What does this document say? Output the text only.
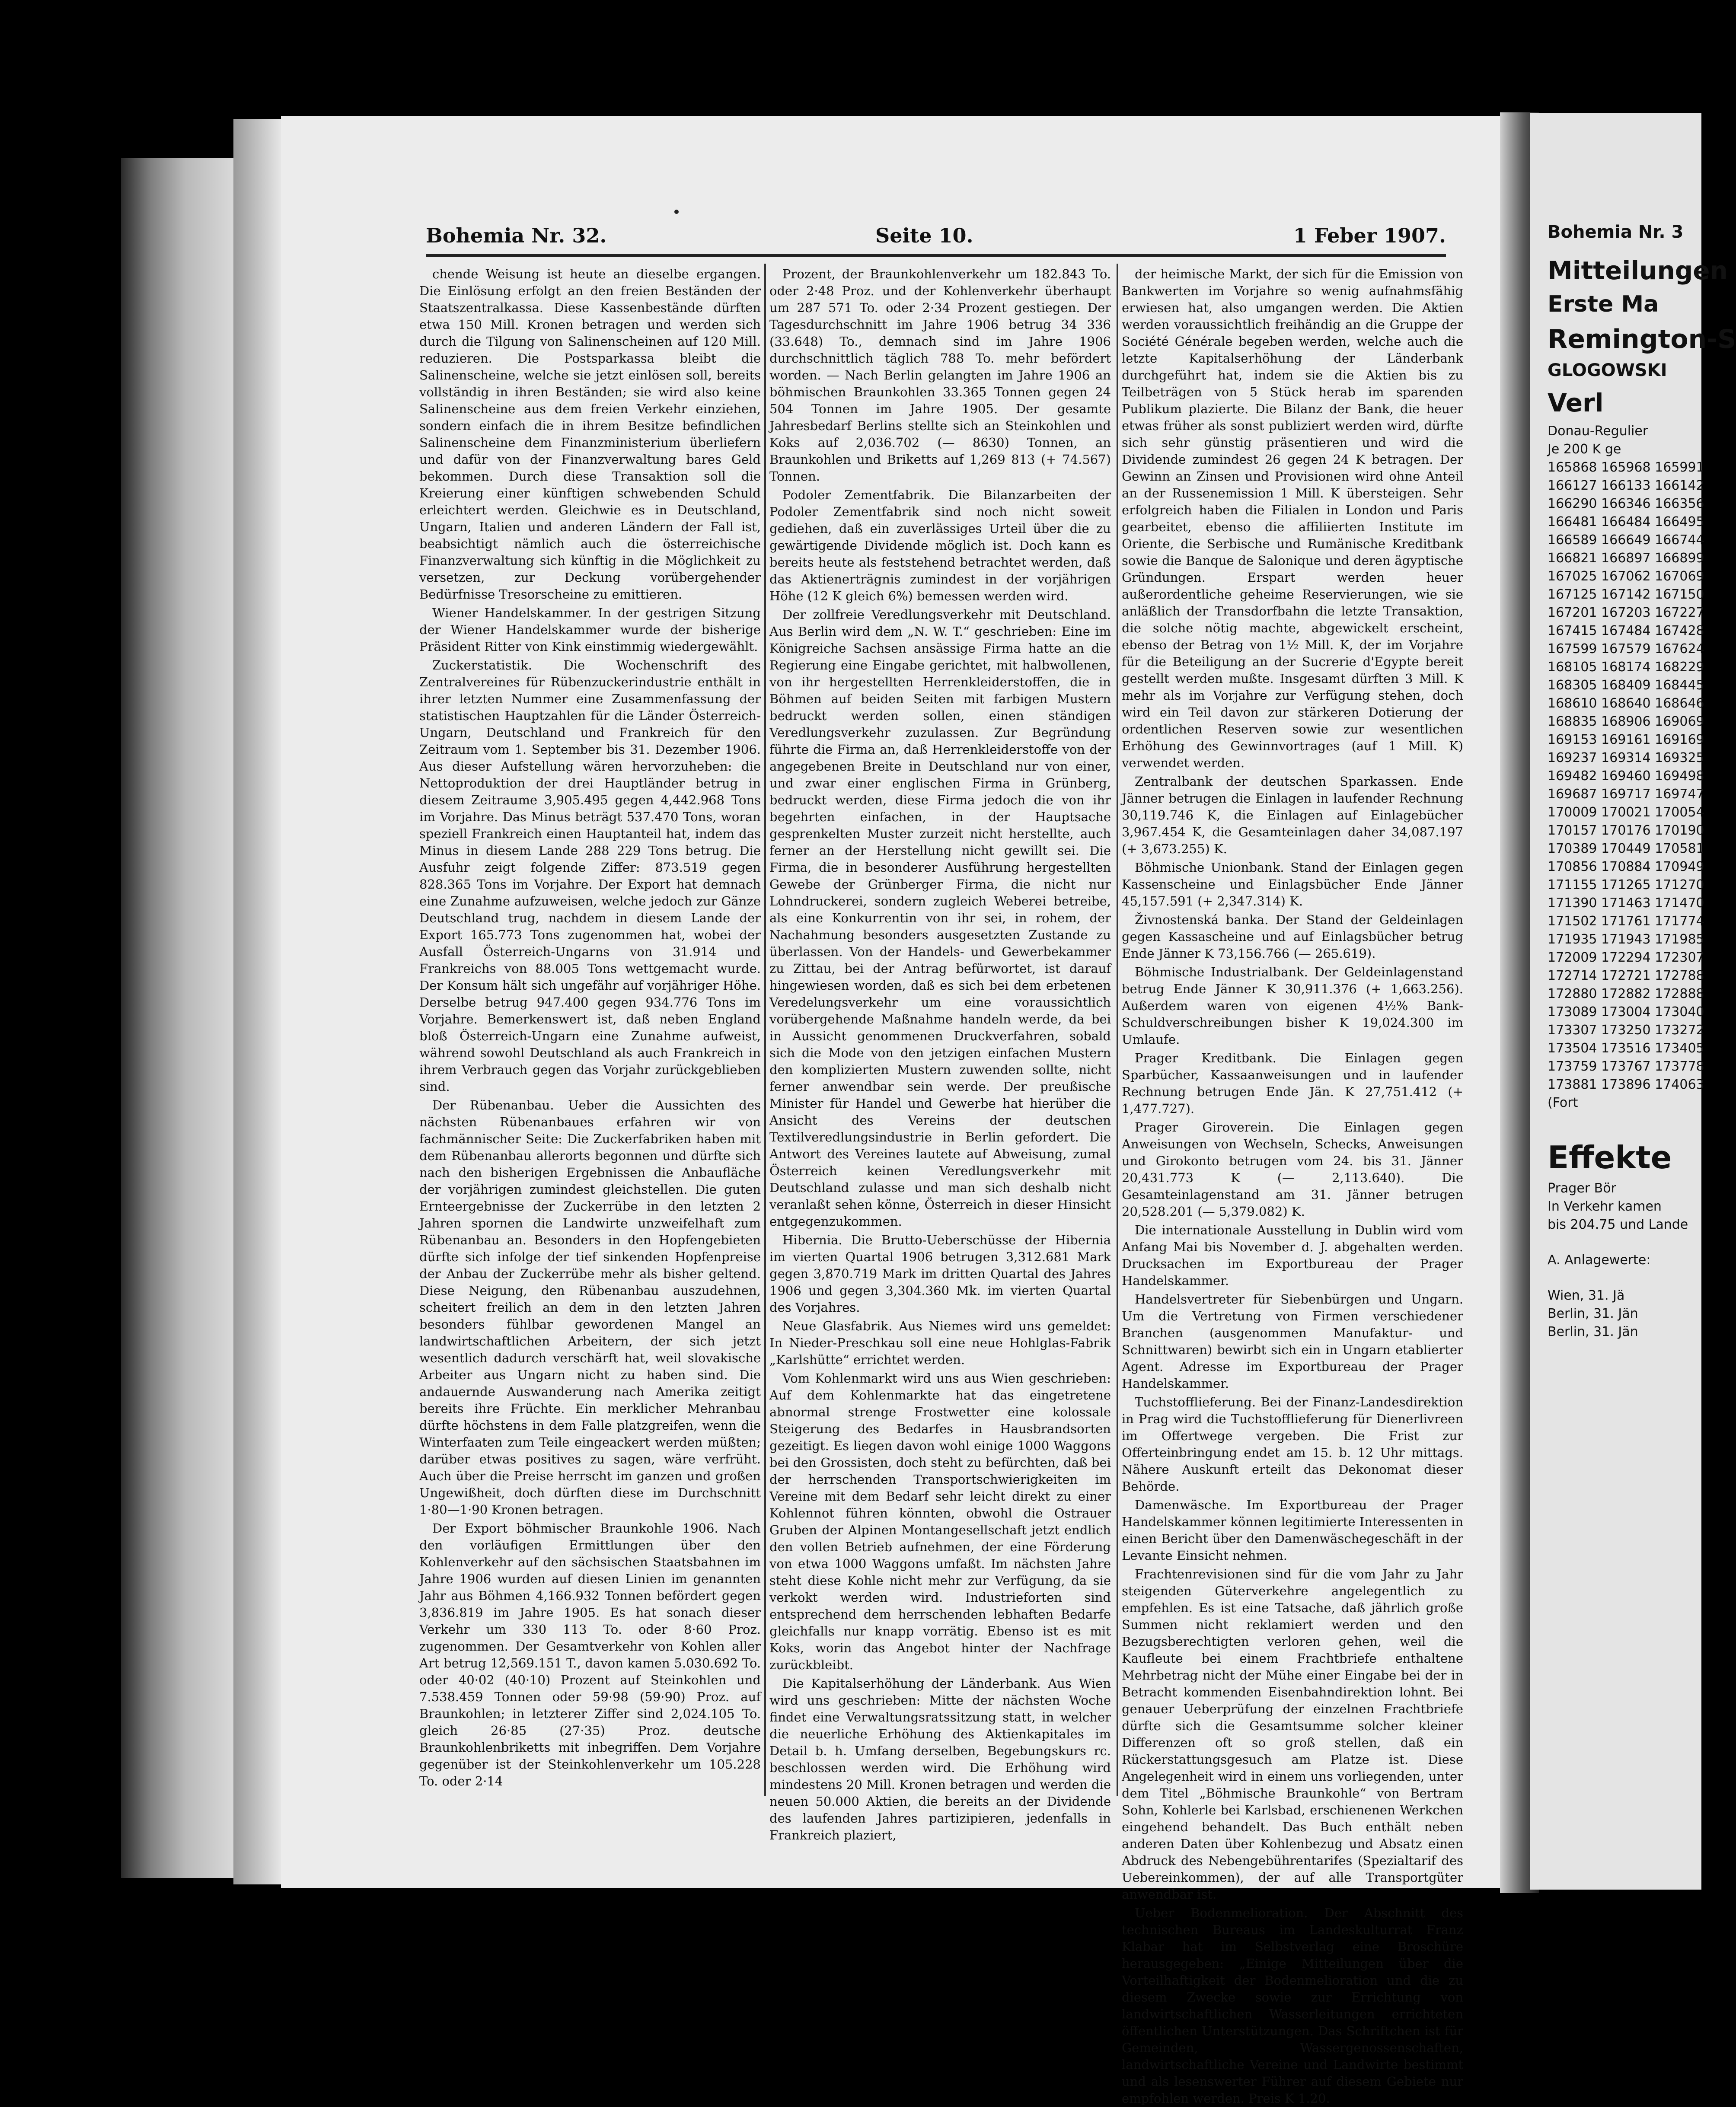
Bohemia Nr. 32.	Seite 10.	1 Feber 1907.

chende Weisung ist heute an dieselbe ergangen. Die Einlösung erfolgt an den freien Beständen der Staatszentralkassa. Diese Kassenbestände dürften etwa 150 Mill. Kronen betragen und werden sich durch die Tilgung von Salinenscheinen auf 120 Mill. reduzieren. Die Postsparkassa bleibt die Salinenscheine, welche sie jetzt einlösen soll, bereits vollständig in ihren Beständen; sie wird also keine Salinenscheine aus dem freien Verkehr einziehen, sondern einfach die in ihrem Besitze befindlichen Salinenscheine dem Finanzministerium überliefern und dafür von der Finanzverwaltung bares Geld bekommen. Durch diese Transaktion soll die Kreierung einer künftigen schwebenden Schuld erleichtert werden. Gleichwie es in Deutschland, Ungarn, Italien und anderen Ländern der Fall ist, beabsichtigt nämlich auch die österreichische Finanzverwaltung sich künftig in die Möglichkeit zu versetzen, zur Deckung vorübergehender Bedürfnisse Tresorscheine zu emittieren.

Wiener Handelskammer. In der gestrigen Sitzung der Wiener Handelskammer wurde der bisherige Präsident Ritter von Kink einstimmig wiedergewählt.

Zuckerstatistik. Die Wochenschrift des Zentralvereines für Rübenzuckerindustrie enthält in ihrer letzten Nummer eine Zusammenfassung der statistischen Hauptzahlen für die Länder Österreich-Ungarn, Deutschland und Frankreich für den Zeitraum vom 1. September bis 31. Dezember 1906. Aus dieser Aufstellung wären hervorzuheben: die Nettoproduktion der drei Hauptländer betrug in diesem Zeitraume 3,905.495 gegen 4,442.968 Tons im Vorjahre. Das Minus beträgt 537.470 Tons, woran speziell Frankreich einen Hauptanteil hat, indem das Minus in diesem Lande 288 229 Tons betrug. Die Ausfuhr zeigt folgende Ziffer: 873.519 gegen 828.365 Tons im Vorjahre. Der Export hat demnach eine Zunahme aufzuweisen, welche jedoch zur Gänze Deutschland trug, nachdem in diesem Lande der Export 165.773 Tons zugenommen hat, wobei der Ausfall Österreich-Ungarns von 31.914 und Frankreichs von 88.005 Tons wettgemacht wurde. Der Konsum hält sich ungefähr auf vorjähriger Höhe. Derselbe betrug 947.400 gegen 934.776 Tons im Vorjahre. Bemerkenswert ist, daß neben England bloß Österreich-Ungarn eine Zunahme aufweist, während sowohl Deutschland als auch Frankreich in ihrem Verbrauch gegen das Vorjahr zurückgeblieben sind.

Der Rübenanbau. Ueber die Aussichten des nächsten Rübenanbaues erfahren wir von fachmännischer Seite: Die Zuckerfabriken haben mit dem Rübenanbau allerorts begonnen und dürfte sich nach den bisherigen Ergebnissen die Anbaufläche der vorjährigen zumindest gleichstellen. Die guten Ernteergebnisse der Zuckerrübe in den letzten 2 Jahren spornen die Landwirte unzweifelhaft zum Rübenanbau an. Besonders in den Hopfengebieten dürfte sich infolge der tief sinkenden Hopfenpreise der Anbau der Zuckerrübe mehr als bisher geltend. Diese Neigung, den Rübenanbau auszudehnen, scheitert freilich an dem in den letzten Jahren besonders fühlbar gewordenen Mangel an landwirtschaftlichen Arbeitern, der sich jetzt wesentlich dadurch verschärft hat, weil slovakische Arbeiter aus Ungarn nicht zu haben sind. Die andauernde Auswanderung nach Amerika zeitigt bereits ihre Früchte. Ein merklicher Mehranbau dürfte höchstens in dem Falle platzgreifen, wenn die Winterfaaten zum Teile eingeackert werden müßten; darüber etwas positives zu sagen, wäre verfrüht. Auch über die Preise herrscht im ganzen und großen Ungewißheit, doch dürften diese im Durchschnitt 1·80—1·90 Kronen betragen.

Der Export böhmischer Braunkohle 1906. Nach den vorläufigen Ermittlungen über den Kohlenverkehr auf den sächsischen Staatsbahnen im Jahre 1906 wurden auf diesen Linien im genannten Jahr aus Böhmen 4,166.932 Tonnen befördert gegen 3,836.819 im Jahre 1905. Es hat sonach dieser Verkehr um 330 113 To. oder 8·60 Proz. zugenommen. Der Gesamtverkehr von Kohlen aller Art betrug 12,569.151 T., davon kamen 5.030.692 To. oder 40·02 (40·10) Prozent auf Steinkohlen und 7.538.459 Tonnen oder 59·98 (59·90) Proz. auf Braunkohlen; in letzterer Ziffer sind 2,024.105 To. gleich 26·85 (27·35) Proz. deutsche Braunkohlenbriketts mit inbegriffen. Dem Vorjahre gegenüber ist der Steinkohlenverkehr um 105.228 To. oder 2·14

Prozent, der Braunkohlenverkehr um 182.843 To. oder 2·48 Proz. und der Kohlenverkehr überhaupt um 287 571 To. oder 2·34 Prozent gestiegen. Der Tagesdurchschnitt im Jahre 1906 betrug 34 336 (33.648) To., demnach sind im Jahre 1906 durchschnittlich täglich 788 To. mehr befördert worden. — Nach Berlin gelangten im Jahre 1906 an böhmischen Braunkohlen 33.365 Tonnen gegen 24 504 Tonnen im Jahre 1905. Der gesamte Jahresbedarf Berlins stellte sich an Steinkohlen und Koks auf 2,036.702 (— 8630) Tonnen, an Braunkohlen und Briketts auf 1,269 813 (+ 74.567) Tonnen.

Podoler Zementfabrik. Die Bilanzarbeiten der Podoler Zementfabrik sind noch nicht soweit gediehen, daß ein zuverlässiges Urteil über die zu gewärtigende Dividende möglich ist. Doch kann es bereits heute als feststehend betrachtet werden, daß das Aktienerträgnis zumindest in der vorjährigen Höhe (12 K gleich 6%) bemessen werden wird.

Der zollfreie Veredlungsverkehr mit Deutschland. Aus Berlin wird dem „N. W. T.“ geschrieben: Eine im Königreiche Sachsen ansässige Firma hatte an die Regierung eine Eingabe gerichtet, mit halbwollenen, von ihr hergestellten Herrenkleiderstoffen, die in Böhmen auf beiden Seiten mit farbigen Mustern bedruckt werden sollen, einen ständigen Veredlungsverkehr zuzulassen. Zur Begründung führte die Firma an, daß Herrenkleiderstoffe von der angegebenen Breite in Deutschland nur von einer, und zwar einer englischen Firma in Grünberg, bedruckt werden, diese Firma jedoch die von ihr begehrten einfachen, in der Hauptsache gesprenkelten Muster zurzeit nicht herstellte, auch ferner an der Herstellung nicht gewillt sei. Die Firma, die in besonderer Ausführung hergestellten Gewebe der Grünberger Firma, die nicht nur Lohndruckerei, sondern zugleich Weberei betreibe, als eine Konkurrentin von ihr sei, in rohem, der Nachahmung besonders ausgesetzten Zustande zu überlassen. Von der Handels- und Gewerbekammer zu Zittau, bei der Antrag befürwortet, ist darauf hingewiesen worden, daß es sich bei dem erbetenen Veredelungsverkehr um eine voraussichtlich vorübergehende Maßnahme handeln werde, da bei in Aussicht genommenen Druckverfahren, sobald sich die Mode von den jetzigen einfachen Mustern den komplizierten Mustern zuwenden sollte, nicht ferner anwendbar sein werde. Der preußische Minister für Handel und Gewerbe hat hierüber die Ansicht des Vereins der deutschen Textilveredlungsindustrie in Berlin gefordert. Die Antwort des Vereines lautete auf Abweisung, zumal Österreich keinen Veredlungsverkehr mit Deutschland zulasse und man sich deshalb nicht veranlaßt sehen könne, Österreich in dieser Hinsicht entgegenzukommen.

Hibernia. Die Brutto-Ueberschüsse der Hibernia im vierten Quartal 1906 betrugen 3,312.681 Mark gegen 3,870.719 Mark im dritten Quartal des Jahres 1906 und gegen 3,304.360 Mk. im vierten Quartal des Vorjahres.

Neue Glasfabrik. Aus Niemes wird uns gemeldet: In Nieder-Preschkau soll eine neue Hohlglas-Fabrik „Karlshütte“ errichtet werden.

Vom Kohlenmarkt wird uns aus Wien geschrieben: Auf dem Kohlenmarkte hat das eingetretene abnormal strenge Frostwetter eine kolossale Steigerung des Bedarfes in Hausbrandsorten gezeitigt. Es liegen davon wohl einige 1000 Waggons bei den Grossisten, doch steht zu befürchten, daß bei der herrschenden Transportschwierigkeiten im Vereine mit dem Bedarf sehr leicht direkt zu einer Kohlennot führen könnten, obwohl die Ostrauer Gruben der Alpinen Montangesellschaft jetzt endlich den vollen Betrieb aufnehmen, der eine Förderung von etwa 1000 Waggons umfaßt. Im nächsten Jahre steht diese Kohle nicht mehr zur Verfügung, da sie verkokt werden wird. Industrieforten sind entsprechend dem herrschenden lebhaften Bedarfe gleichfalls nur knapp vorrätig. Ebenso ist es mit Koks, worin das Angebot hinter der Nachfrage zurückbleibt.

Die Kapitalserhöhung der Länderbank. Aus Wien wird uns geschrieben: Mitte der nächsten Woche findet eine Verwaltungsratssitzung statt, in welcher die neuerliche Erhöhung des Aktienkapitales im Detail b. h. Umfang derselben, Begebungskurs rc. beschlossen werden wird. Die Erhöhung wird mindestens 20 Mill. Kronen betragen und werden die neuen 50.000 Aktien, die bereits an der Dividende des laufenden Jahres partizipieren, jedenfalls in Frankreich plaziert,

der heimische Markt, der sich für die Emission von Bankwerten im Vorjahre so wenig aufnahmsfähig erwiesen hat, also umgangen werden. Die Aktien werden voraussichtlich freihändig an die Gruppe der Société Générale begeben werden, welche auch die letzte Kapitalserhöhung der Länderbank durchgeführt hat, indem sie die Aktien bis zu Teilbeträgen von 5 Stück herab im sparenden Publikum plazierte. Die Bilanz der Bank, die heuer etwas früher als sonst publiziert werden wird, dürfte sich sehr günstig präsentieren und wird die Dividende zumindest 26 gegen 24 K betragen. Der Gewinn an Zinsen und Provisionen wird ohne Anteil an der Russenemission 1 Mill. K übersteigen. Sehr erfolgreich haben die Filialen in London und Paris gearbeitet, ebenso die affiliierten Institute im Oriente, die Serbische und Rumänische Kreditbank sowie die Banque de Salonique und deren ägyptische Gründungen. Erspart werden heuer außerordentliche geheime Reservierungen, wie sie anläßlich der Transdorfbahn die letzte Transaktion, die solche nötig machte, abgewickelt erscheint, ebenso der Betrag von 1½ Mill. K, der im Vorjahre für die Beteiligung an der Sucrerie d'Egypte bereit gestellt werden mußte. Insgesamt dürften 3 Mill. K mehr als im Vorjahre zur Verfügung stehen, doch wird ein Teil davon zur stärkeren Dotierung der ordentlichen Reserven sowie zur wesentlichen Erhöhung des Gewinnvortrages (auf 1 Mill. K) verwendet werden.

Zentralbank der deutschen Sparkassen. Ende Jänner betrugen die Einlagen in laufender Rechnung 30,119.746 K, die Einlagen auf Einlagebücher 3,967.454 K, die Gesamteinlagen daher 34,087.197 (+ 3,673.255) K.

Böhmische Unionbank. Stand der Einlagen gegen Kassenscheine und Einlagsbücher Ende Jänner 45,157.591 (+ 2,347.314) K.

Živnostenská banka. Der Stand der Geldeinlagen gegen Kassascheine und auf Einlagsbücher betrug Ende Jänner K 73,156.766 (— 265.619).

Böhmische Industrialbank. Der Geldeinlagenstand betrug Ende Jänner K 30,911.376 (+ 1,663.256). Außerdem waren von eigenen 4½% Bank-Schuldverschreibungen bisher K 19,024.300 im Umlaufe.

Prager Kreditbank. Die Einlagen gegen Sparbücher, Kassaanweisungen und in laufender Rechnung betrugen Ende Jän. K 27,751.412 (+ 1,477.727).

Prager Giroverein. Die Einlagen gegen Anweisungen von Wechseln, Schecks, Anweisungen und Girokonto betrugen vom 24. bis 31. Jänner 20,431.773 K (— 2,113.640). Die Gesamteinlagenstand am 31. Jänner betrugen 20,528.201 (— 5,379.082) K.

Die internationale Ausstellung in Dublin wird vom Anfang Mai bis November d. J. abgehalten werden. Drucksachen im Exportbureau der Prager Handelskammer.

Handelsvertreter für Siebenbürgen und Ungarn. Um die Vertretung von Firmen verschiedener Branchen (ausgenommen Manufaktur- und Schnittwaren) bewirbt sich ein in Ungarn etablierter Agent. Adresse im Exportbureau der Prager Handelskammer.

Tuchstofflieferung. Bei der Finanz-Landesdirektion in Prag wird die Tuchstofflieferung für Dienerlivreen im Offertwege vergeben. Die Frist zur Offerteinbringung endet am 15. b. 12 Uhr mittags. Nähere Auskunft erteilt das Dekonomat dieser Behörde.

Damenwäsche. Im Exportbureau der Prager Handelskammer können legitimierte Interessenten in einen Bericht über den Damenwäschegeschäft in der Levante Einsicht nehmen.

Frachtenrevisionen sind für die vom Jahr zu Jahr steigenden Güterverkehre angelegentlich zu empfehlen. Es ist eine Tatsache, daß jährlich große Summen nicht reklamiert werden und den Bezugsberechtigten verloren gehen, weil die Kaufleute bei einem Frachtbriefe enthaltene Mehrbetrag nicht der Mühe einer Eingabe bei der in Betracht kommenden Eisenbahndirektion lohnt. Bei genauer Ueberprüfung der einzelnen Frachtbriefe dürfte sich die Gesamtsumme solcher kleiner Differenzen oft so groß stellen, daß ein Rückerstattungsgesuch am Platze ist. Diese Angelegenheit wird in einem uns vorliegenden, unter dem Titel „Böhmische Braunkohle“ von Bertram Sohn, Kohlerle bei Karlsbad, erschienenen Werkchen eingehend behandelt. Das Buch enthält neben anderen Daten über Kohlenbezug und Absatz einen Abdruck des Nebengebührentarifes (Spezialtarif des Uebereinkommen), der auf alle Transportgüter anwendbar ist.

Ueber Bodenmelioration. Der Abschnitt des technischen Bureaus im Landeskulturrat Franz Klabar hat im Selbstverlag eine Broschüre herausgegeben: „Einige Mitteilungen über die Vorteilhaftigkeit der Bodenmelioration und die zu diesem Zwecke sowie zur Errichtung von landwirtschaftlichen Wasserleitungen errichteten öffentlichen Unterstützungen. Das Schriftchen ist für Gemeinden, Wassergenossenschaften, landwirtschaftliche Vereine und Landwirte bestimmt und als lesenswerter Führer auf diesem Gebiete nur empfohlen werden. Preis K 1.20.

Bohemia Nr. 3
Mitteilungen
Erste Ma
Remington-S
GLOGOWSKI
Verl
Donau-Regulier
Je 200 K ge
165868 165968 165991
166127 166133 166142
166290 166346 166356
166481 166484 166495
166589 166649 166744
166821 166897 166899
167025 167062 167069
167125 167142 167150
167201 167203 167227
167415 167484 167428
167599 167579 167624
168105 168174 168229
168305 168409 168445
168610 168640 168646
168835 168906 169069
169153 169161 169169
169237 169314 169325
169482 169460 169498
169687 169717 169747
170009 170021 170054
170157 170176 170190
170389 170449 170581
170856 170884 170949
171155 171265 171270
171390 171463 171470
171502 171761 171774
171935 171943 171985
172009 172294 172307
172714 172721 172788
172880 172882 172888
173089 173004 173040
173307 173250 173272
173504 173516 173405
173759 173767 173778
173881 173896 174063
(Fort
Effekte
Prager Bör
In Verkehr kamen
bis 204.75 und Lande
A. Anlagewerte:
Wien, 31. Jä
Berlin, 31. Jän
Berlin, 31. Jän
